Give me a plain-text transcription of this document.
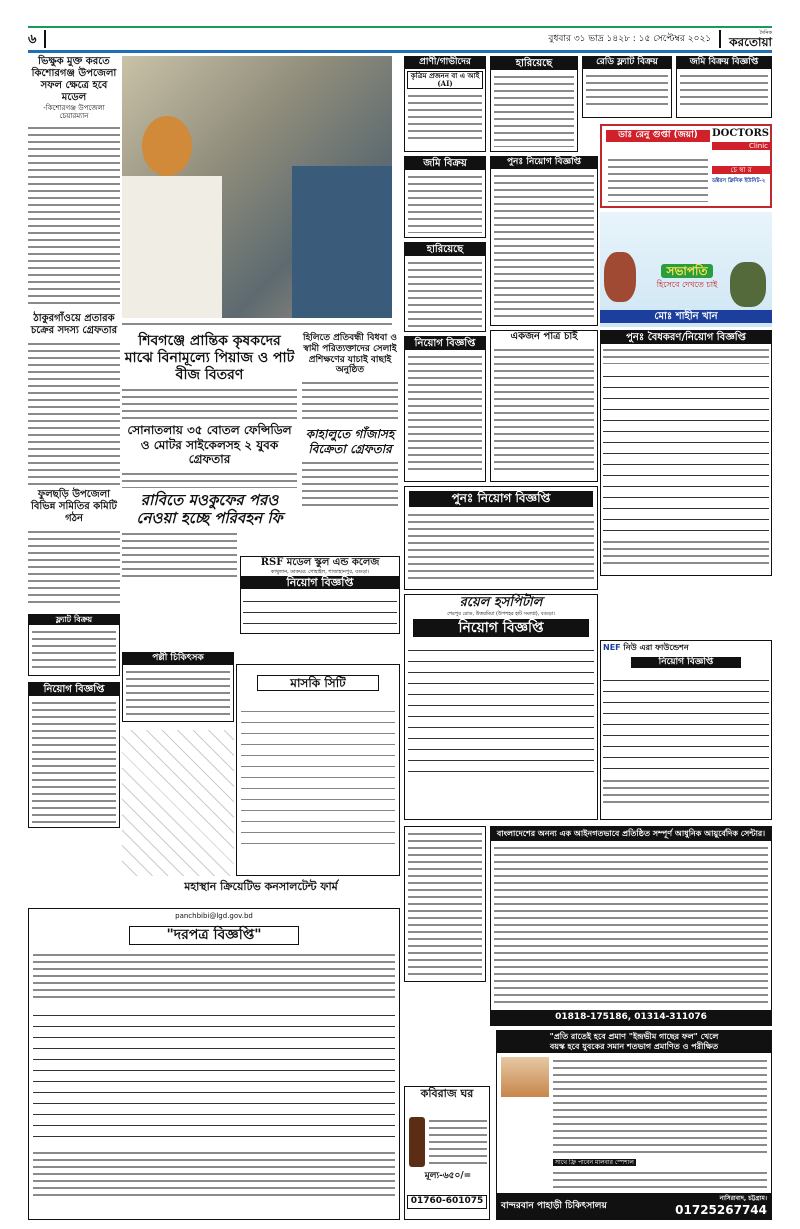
৬	বুধবার ৩১ ভাদ্র ১৪২৮ : ১৫ সেপ্টেম্বর ২০২১
দৈনিক
করতোয়া
ভিক্ষুক মুক্ত করতে কিশোরগঞ্জ উপজেলা সফল ক্ষেত্রে হবে মডেল
-কিশোরগঞ্জ উপজেলা চেয়ারম্যান
ঠাকুরগাঁওয়ে প্রতারক চক্রের সদস্য গ্রেফতার
ফুলছড়ি উপজেলা বিভিন্ন সমিতির কমিটি গঠন
ফ্ল্যাট বিক্রয়
নিয়োগ বিজ্ঞপ্তি
শিবগঞ্জে প্রান্তিক কৃষকদের মাঝে বিনামূল্যে পিয়াজ ও পাট বীজ বিতরণ
সোনাতলায় ৩৫ বোতল ফেন্সিডিল ও মোটর সাইকেলসহ ২ যুবক গ্রেফতার
রাবিতে মওকুফের পরও নেওয়া হচ্ছে পরিবহন ফি
হিলিতে প্রতিবন্ধী বিধবা ও স্বামী পরিত্যক্তাদের সেলাই প্রশিক্ষণের যাচাই বাছাই অনুষ্ঠিত
কাহালুতে গাঁজাসহ বিক্রেতা গ্রেফতার
RSF মডেল স্কুল এন্ড কলেজ
কাথুলান, ডাকঘর: গোহাইল, শাজাহানপুর, বগুড়া।
নিয়োগ বিজ্ঞপ্তি
পল্লী চিকিৎসক
মাসকি সিটি
মহাস্থান ক্রিয়েটিভ কনসালটেন্ট ফার্ম
panchbibi@lgd.gov.bd
"দরপত্র বিজ্ঞপ্তি"
প্রাণী/গাভীদের
কৃত্রিম প্রজনন বা এ আই (AI)
হারিয়েছে	রেডি ফ্ল্যাট বিক্রয়	জমি বিক্রয় বিজ্ঞপ্তি
জমি বিক্রয়
হারিয়েছে
পুনঃ নিয়োগ বিজ্ঞপ্তি
নিয়োগ বিজ্ঞপ্তি
একজন পাত্র চাই
পুনঃ নিয়োগ বিজ্ঞপ্তি
রয়েল হসপিটাল
শেরপুর রোড, উত্তরমিয়া (উপশহর হাট সংলগ্ন), বগুড়া।
নিয়োগ বিজ্ঞপ্তি
ডাঃ রেনু গুপ্তা (জয়া)	DOCTORS
Clinic
চে ম্বা র
ডক্টরস ক্লিনিক ইউনিট-২
সভাপতি
হিসেবে দেখতে চাই
মোঃ শাহীন খান
পুনঃ বৈধকরণ/নিয়োগ বিজ্ঞপ্তি
NEF নিউ এরা ফাউন্ডেশন
নিয়োগ বিজ্ঞপ্তি
বাংলাদেশের অনন্য এক আইনগতভাবে প্রতিষ্ঠিত সম্পূর্ণ আধুনিক আয়ুর্বেদিক সেন্টার।
01818-175186, 01314-311076
কবিরাজ ঘর
মূল্য-৬৫০/=
01760-601075
"প্রতি রাতেই হবে প্রমাণ "ইন্দ্রভীম গাছের ফল" খেলে
বয়স্ক হবে যুবকের সমান শতভাগ প্রমাণিত ও পরীক্ষিত
সাথে ফ্রি পাবেন মালবার স্পেশাল
বান্দরবান পাহাড়ী চিকিৎসালয়
নাসিরাবাদ, চট্টগ্রাম।
01725267744
